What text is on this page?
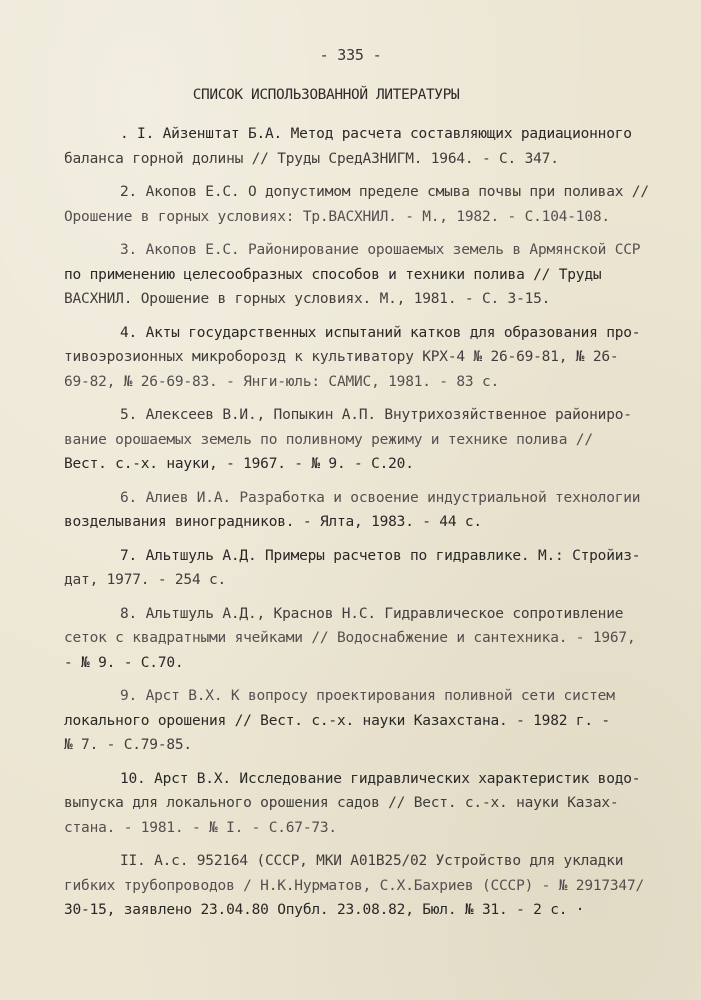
- 335 -
СПИСОК ИСПОЛЬЗОВАННОЙ ЛИТЕРАТУРЫ
. I. Айзенштат Б.А. Метод расчета составляющих радиационного
баланса горной долины // Труды СредАЗНИГМ. 1964. - С. 347.
2. Акопов Е.С. О допустимом пределе смыва почвы при поливах //
Орошение в горных условиях: Тр.ВАСХНИЛ. - М., 1982. - С.104-108.
3. Акопов Е.С. Районирование орошаемых земель в Армянской ССР
по применению целесообразных способов и техники полива // Труды
ВАСХНИЛ. Орошение в горных условиях. М., 1981. - С. 3-15.
4. Акты государственных испытаний катков для образования про-
тивоэрозионных микроборозд к культиватору КРХ-4 № 26-69-81, № 26-
69-82, № 26-69-83. - Янги-юль: САМИС, 1981. - 83 с.
5. Алексеев В.И., Попыкин А.П. Внутрихозяйственное райониро-
вание орошаемых земель по поливному режиму и технике полива //
Вест. с.-х. науки, - 1967. - № 9. - С.20.
6. Алиев И.А. Разработка и освоение индустриальной технологии
возделывания виноградников. - Ялта, 1983. - 44 с.
7. Альтшуль А.Д. Примеры расчетов по гидравлике. М.: Стройиз-
дат, 1977. - 254 с.
8. Альтшуль А.Д., Краснов Н.С. Гидравлическое сопротивление
сеток с квадратными ячейками // Водоснабжение и сантехника. - 1967,
- № 9. - С.70.
9. Арст В.Х. К вопросу проектирования поливной сети систем
локального орошения // Вест. с.-х. науки Казахстана. - 1982 г. -
№ 7. - С.79-85.
10. Арст В.Х. Исследование гидравлических характеристик водо-
выпуска для локального орошения садов // Вест. с.-х. науки Казах-
стана. - 1981. - № I. - С.67-73.
II. А.с. 952164 (СССР, МКИ А01В25/02 Устройство для укладки
гибких трубопроводов / Н.К.Нурматов, С.Х.Бахриев (СССР) - № 2917347/
30-15, заявлено 23.04.80 Опубл. 23.08.82, Бюл. № 31. - 2 с. ·
